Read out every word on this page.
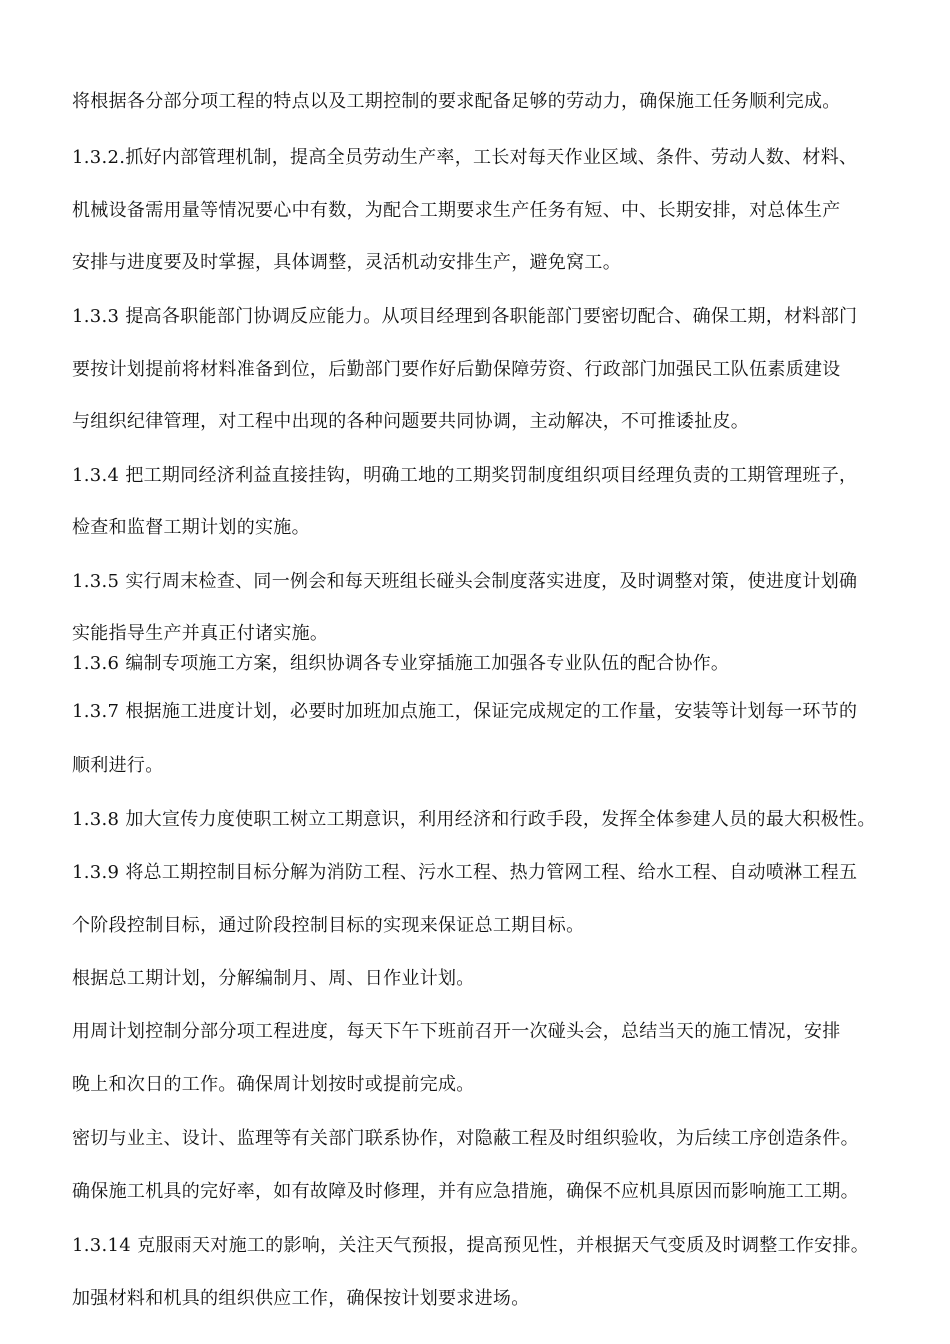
将根据各分部分项工程的特点以及工期控制的要求配备足够的劳动力，确保施工任务顺利完成。
1.3.2.抓好内部管理机制，提高全员劳动生产率，工长对每天作业区域、条件、劳动人数、材料、
机械设备需用量等情况要心中有数，为配合工期要求生产任务有短、中、长期安排，对总体生产
安排与进度要及时掌握，具体调整，灵活机动安排生产，避免窝工。
1.3.3 提高各职能部门协调反应能力。从项目经理到各职能部门要密切配合、确保工期，材料部门
要按计划提前将材料准备到位，后勤部门要作好后勤保障劳资、行政部门加强民工队伍素质建设
与组织纪律管理，对工程中出现的各种问题要共同协调，主动解决，不可推诿扯皮。
1.3.4 把工期同经济利益直接挂钩，明确工地的工期奖罚制度组织项目经理负责的工期管理班子，
检查和监督工期计划的实施。
1.3.5 实行周末检查、同一例会和每天班组长碰头会制度落实进度，及时调整对策，使进度计划确
实能指导生产并真正付诸实施。
1.3.6 编制专项施工方案，组织协调各专业穿插施工加强各专业队伍的配合协作。
1.3.7 根据施工进度计划，必要时加班加点施工，保证完成规定的工作量，安装等计划每一环节的
顺利进行。
1.3.8 加大宣传力度使职工树立工期意识，利用经济和行政手段，发挥全体参建人员的最大积极性。
1.3.9 将总工期控制目标分解为消防工程、污水工程、热力管网工程、给水工程、自动喷淋工程五
个阶段控制目标，通过阶段控制目标的实现来保证总工期目标。
根据总工期计划，分解编制月、周、日作业计划。
用周计划控制分部分项工程进度，每天下午下班前召开一次碰头会，总结当天的施工情况，安排
晚上和次日的工作。确保周计划按时或提前完成。
密切与业主、设计、监理等有关部门联系协作，对隐蔽工程及时组织验收，为后续工序创造条件。
确保施工机具的完好率，如有故障及时修理，并有应急措施，确保不应机具原因而影响施工工期。
1.3.14 克服雨天对施工的影响，关注天气预报，提高预见性，并根据天气变质及时调整工作安排。
加强材料和机具的组织供应工作，确保按计划要求进场。
